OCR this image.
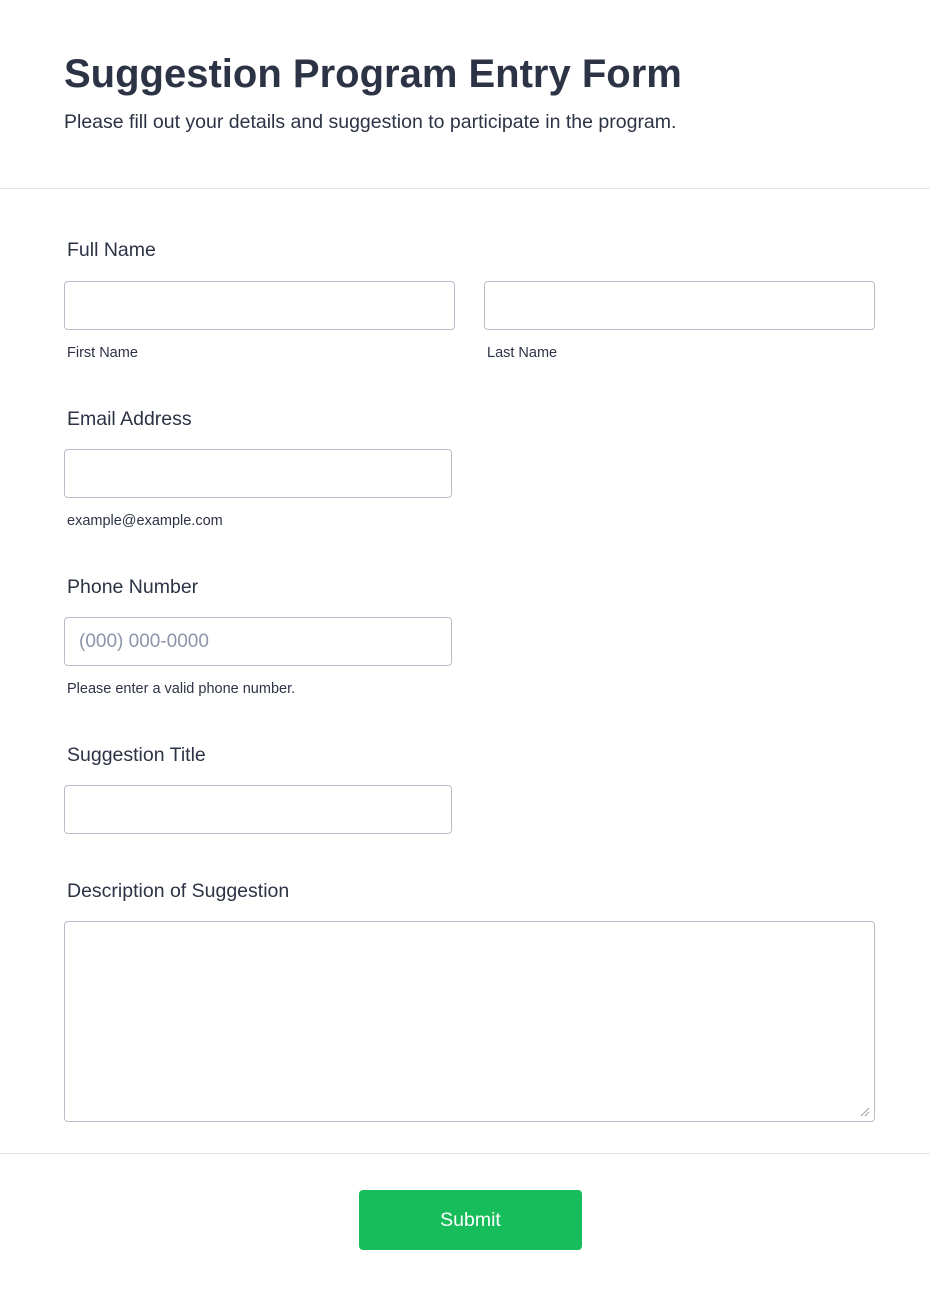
Suggestion Program Entry Form

Please fill out your details and suggestion to participate in the program.

Full Name
First Name	Last Name
Email Address
example@example.com
Phone Number
(000) 000-0000
Please enter a valid phone number.
Suggestion Title
Description of Suggestion
Submit
